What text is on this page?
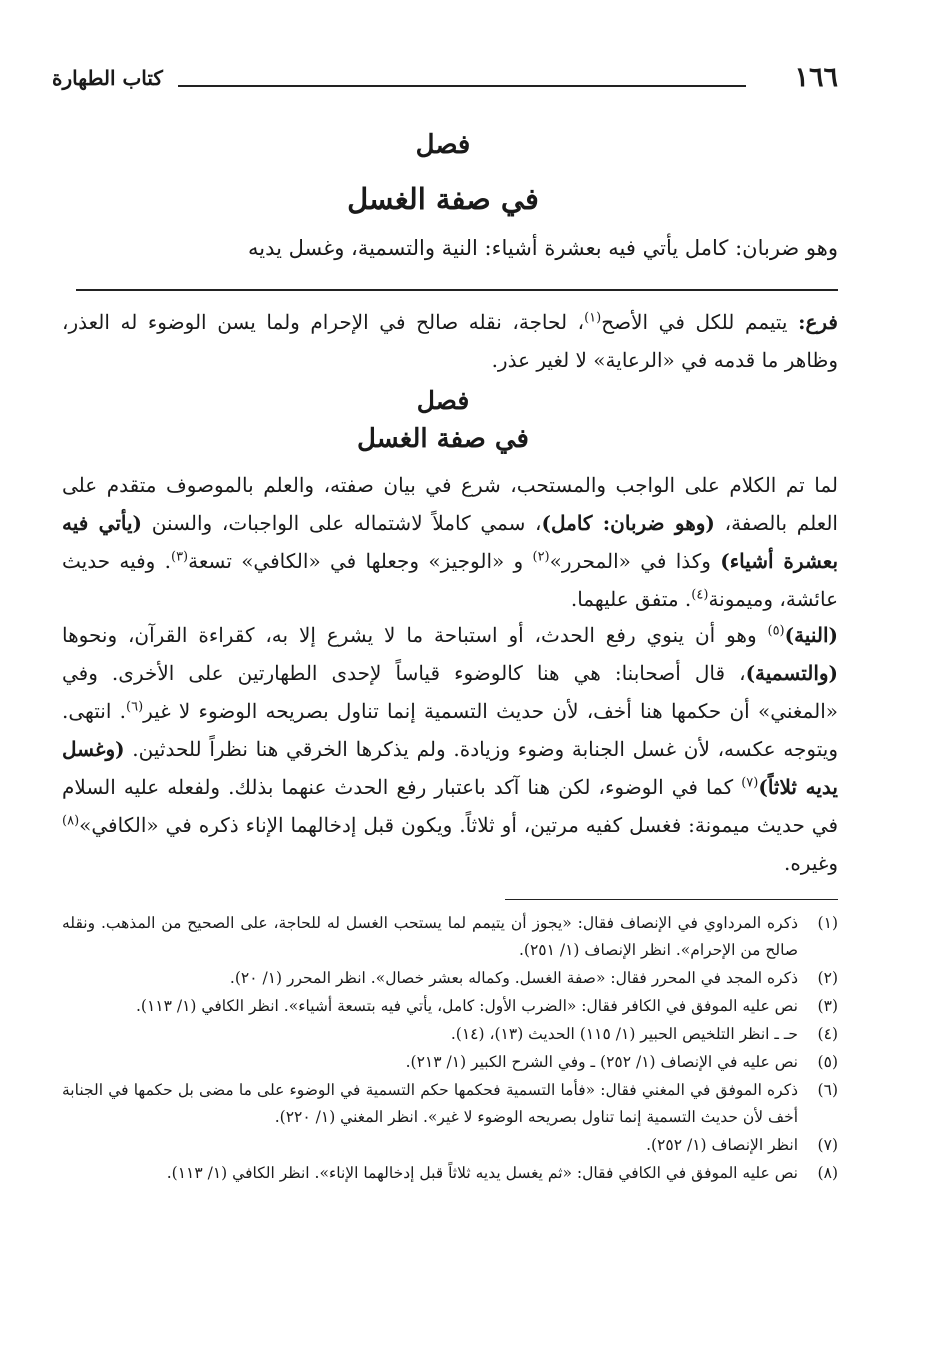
١٦٦
كتاب الطهارة
فصل
في صفة الغسل
وهو ضربان: كامل يأتي فيه بعشرة أشياء: النية والتسمية، وغسل يديه
فرع: يتيمم للكل في الأصح$^{(١)}$، لحاجة، نقله صالح في الإحرام ولما يسن الوضوء له العذر، وظاهر ما قدمه في «الرعاية» لا لغير عذر.
فصل
في صفة الغسل
لما تم الكلام على الواجب والمستحب، شرع في بيان صفته، والعلم بالموصوف متقدم على العلم بالصفة، (وهو ضربان: كامل)، سمي كاملاً لاشتماله على الواجبات، والسنن (يأتي فيه بعشرة أشياء) وكذا في «المحرر»$^{(٢)}$ و «الوجيز» وجعلها في «الكافي» تسعة$^{(٣)}$. وفيه حديث عائشة، وميمونة$^{(٤)}$. متفق عليهما.
(النية)$^{(٥)}$ وهو أن ينوي رفع الحدث، أو استباحة ما لا يشرع إلا به، كقراءة القرآن، ونحوها (والتسمية)، قال أصحابنا: هي هنا كالوضوء قياساً لإحدى الطهارتين على الأخرى. وفي «المغني» أن حكمها هنا أخف، لأن حديث التسمية إنما تناول بصريحه الوضوء لا غير$^{(٦)}$. انتهى. ويتوجه عكسه، لأن غسل الجنابة وضوء وزيادة. ولم يذكرها الخرقي هنا نظراً للحدثين. (وغسل يديه ثلاثاً)$^{(٧)}$ كما في الوضوء، لكن هنا آكد باعتبار رفع الحدث عنهما بذلك. ولفعله عليه السلام في حديث ميمونة: فغسل كفيه مرتين، أو ثلاثاً. ويكون قبل إدخالهما الإناء ذكره في «الكافي»$^{(٨)}$ وغيره.
(١)
ذكره المرداوي في الإنصاف فقال: «يجوز أن يتيمم لما يستحب الغسل له للحاجة، على الصحيح من المذهب. ونقله صالح من الإحرام». انظر الإنصاف (١/ ٢٥١).
(٢)
ذكره المجد في المحرر فقال: «صفة الغسل. وكماله بعشر خصال». انظر المحرر (١/ ٢٠).
(٣)
نص عليه الموفق في الكافر فقال: «الضرب الأول: كامل، يأتي فيه بتسعة أشياء». انظر الكافي (١/ ١١٣).
(٤)
حـ ـ انظر التلخيص الحبير (١/ ١١٥) الحديث (١٣)، (١٤).
(٥)
نص عليه في الإنصاف (١/ ٢٥٢) ـ وفي الشرح الكبير (١/ ٢١٣).
(٦)
ذكره الموفق في المغني فقال: «فأما التسمية فحكمها حكم التسمية في الوضوء على ما مضى بل حكمها في الجنابة أخف لأن حديث التسمية إنما تناول بصريحه الوضوء لا غير». انظر المغني (١/ ٢٢٠).
(٧)
انظر الإنصاف (١/ ٢٥٢).
(٨)
نص عليه الموفق في الكافي فقال: «ثم يغسل يديه ثلاثاً قبل إدخالهما الإناء». انظر الكافي (١/ ١١٣).
